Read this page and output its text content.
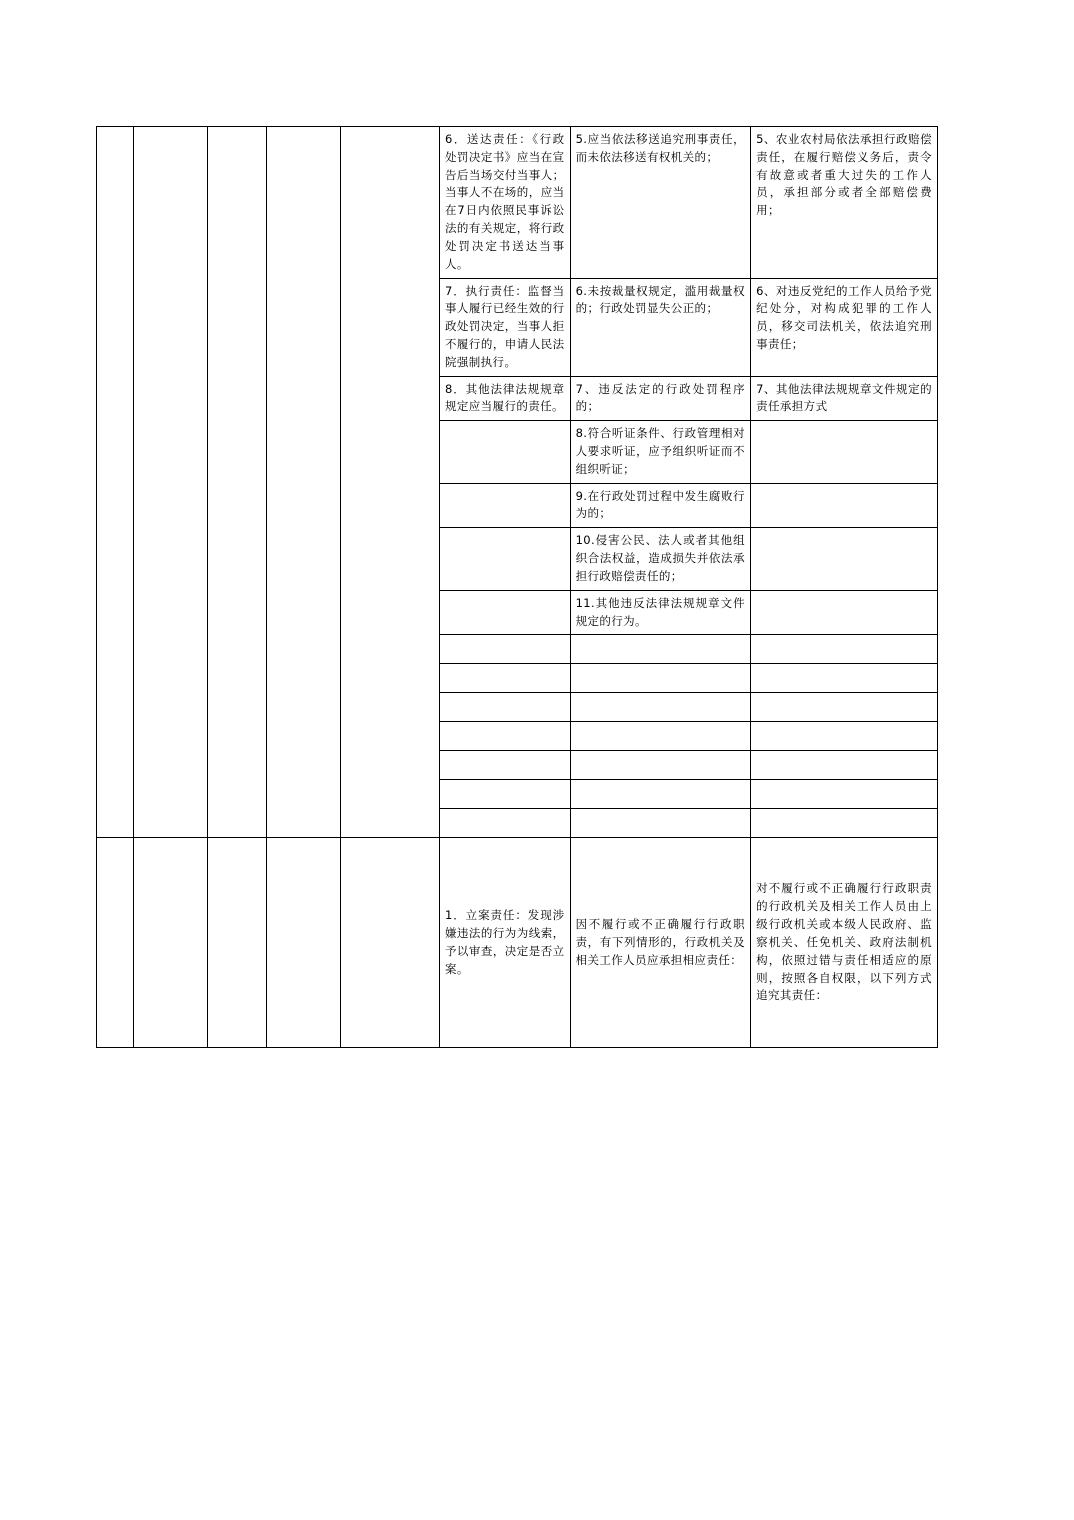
					6．送达责任：《行政处罚决定书》应当在宣告后当场交付当事人；当事人不在场的，应当在7日内依照民事诉讼法的有关规定，将行政处罚决定书送达当事人。	5.应当依法移送追究刑事责任，而未依法移送有权机关的；	5、农业农村局依法承担行政赔偿责任，在履行赔偿义务后，责令有故意或者重大过失的工作人员，承担部分或者全部赔偿费用；
					7．执行责任：监督当事人履行已经生效的行政处罚决定，当事人拒不履行的，申请人民法院强制执行。	6.未按裁量权规定，滥用裁量权的；行政处罚显失公正的；	6、对违反党纪的工作人员给予党纪处分，对构成犯罪的工作人员，移交司法机关，依法追究刑事责任；
					8．其他法律法规规章规定应当履行的责任。	7、违反法定的行政处罚程序的；	7、其他法律法规规章文件规定的责任承担方式
						8.符合听证条件、行政管理相对人要求听证，应予组织听证而不组织听证；	
						9.在行政处罚过程中发生腐败行为的；	
						10.侵害公民、法人或者其他组织合法权益，造成损失并依法承担行政赔偿责任的；	
						11.其他违反法律法规规章文件规定的行为。	

					1．立案责任：发现涉嫌违法的行为为线索，予以审查，决定是否立案。	因不履行或不正确履行行政职责，有下列情形的，行政机关及相关工作人员应承担相应责任：	对不履行或不正确履行行政职责的行政机关及相关工作人员由上级行政机关或本级人民政府、监察机关、任免机关、政府法制机构，依照过错与责任相适应的原则，按照各自权限，以下列方式追究其责任：
